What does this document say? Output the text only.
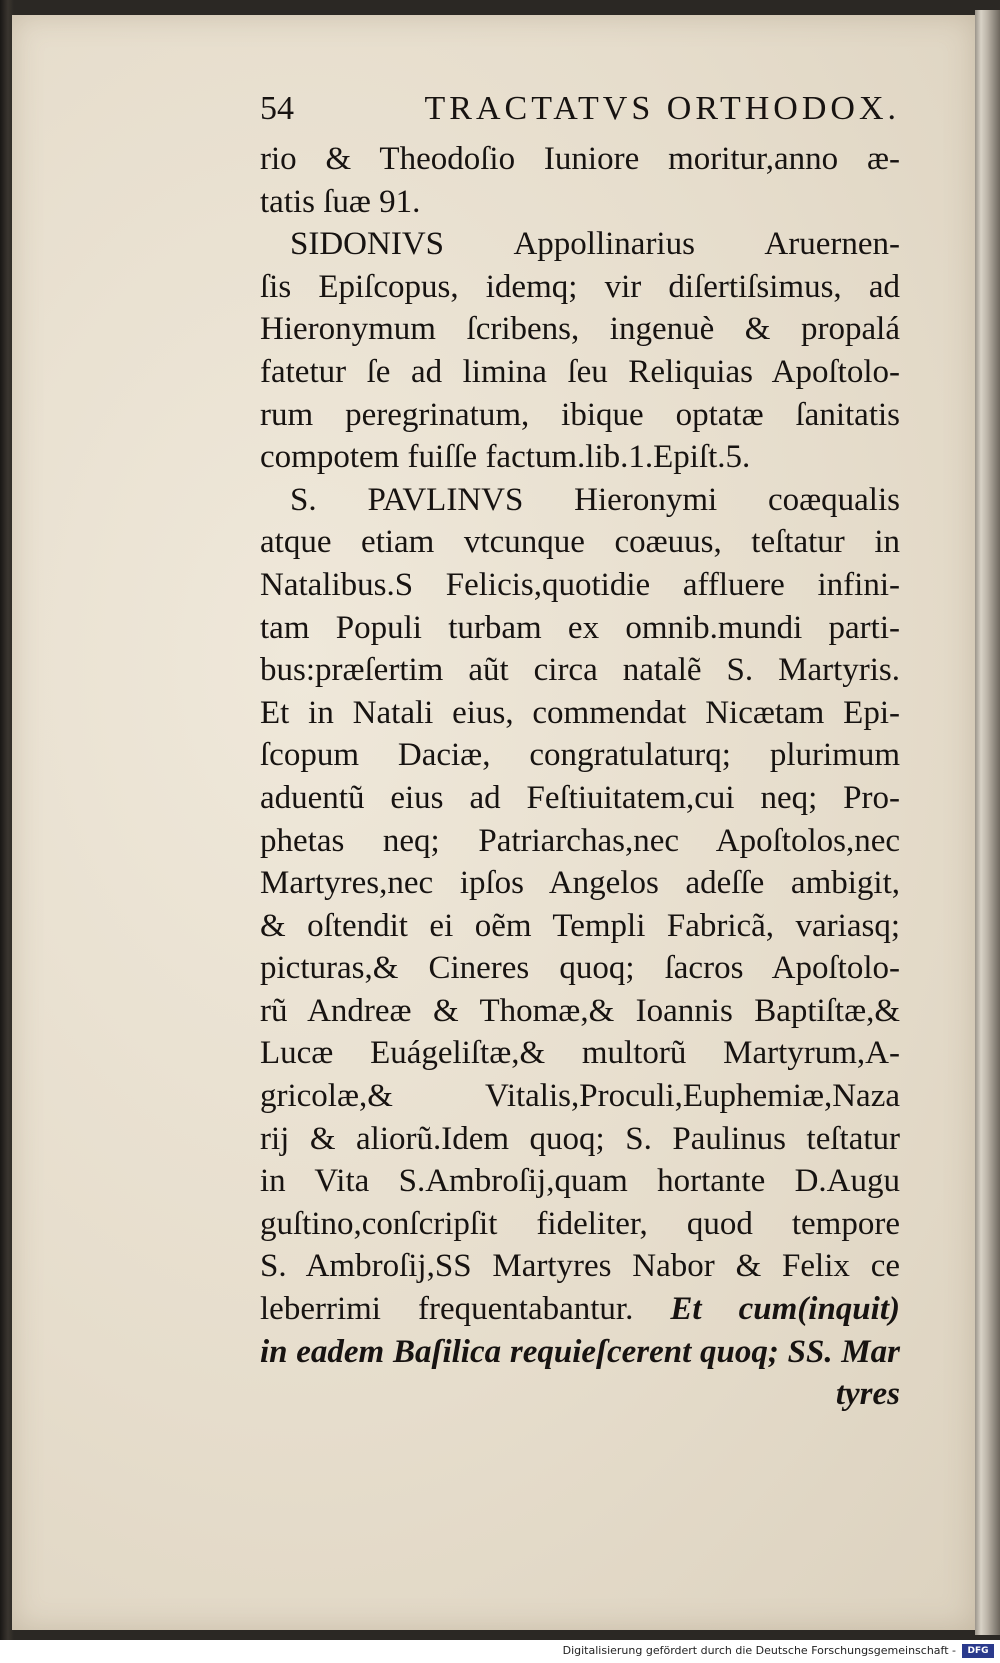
54	TRACTATVS ORTHODOX.
rio & Theodoſio Iuniore moritur,anno æ-
tatis ſuæ 91.
SIDONIVS Appollinarius Aruernen-
ſis Epiſcopus, idemq; vir diſertiſsimus, ad
Hieronymum ſcribens, ingenuè & propalá
fatetur ſe ad limina ſeu Reliquias Apoſtolo-
rum peregrinatum, ibique optatæ ſanitatis
compotem fuiſſe factum.lib.1.Epiſt.5.
S. PAVLINVS Hieronymi coæqualis
atque etiam vtcunque coæuus, teſtatur in
Natalibus.S Felicis,quotidie affluere infini-
tam Populi turbam ex omnib.mundi parti-
bus:præſertim aũt circa natalẽ S. Martyris.
Et in Natali eius, commendat Nicætam Epi-
ſcopum Daciæ, congratulaturq; plurimum
aduentũ eius ad Feſtiuitatem,cui neq; Pro-
phetas neq; Patriarchas,nec Apoſtolos,nec
Martyres,nec ipſos Angelos adeſſe ambigit,
& oſtendit ei oẽm Templi Fabricã, variasq;
picturas,& Cineres quoq; ſacros Apoſtolo-
rũ Andreæ & Thomæ,& Ioannis Baptiſtæ,&
Lucæ Euágeliſtæ,& multorũ Martyrum,A-
gricolæ,& Vitalis,Proculi,Euphemiæ,Naza
rij & aliorũ.Idem quoq; S. Paulinus teſtatur
in Vita S.Ambroſij,quam hortante D.Augu
guſtino,conſcripſit fideliter, quod tempore
S. Ambroſij,SS Martyres Nabor & Felix ce
leberrimi frequentabantur. Et cum(inquit)
in eadem Baſilica requieſcerent quoq; SS. Mar
tyres
Digitalisierung gefördert durch die Deutsche Forschungsgemeinschaft -	DFG
